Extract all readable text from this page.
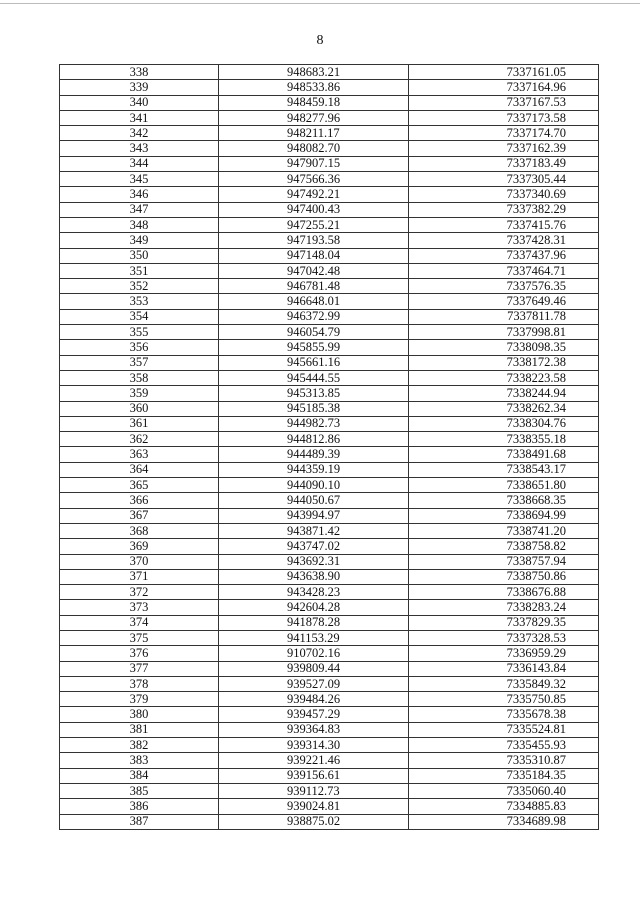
8
338	948683.21	7337161.05
339	948533.86	7337164.96
340	948459.18	7337167.53
341	948277.96	7337173.58
342	948211.17	7337174.70
343	948082.70	7337162.39
344	947907.15	7337183.49
345	947566.36	7337305.44
346	947492.21	7337340.69
347	947400.43	7337382.29
348	947255.21	7337415.76
349	947193.58	7337428.31
350	947148.04	7337437.96
351	947042.48	7337464.71
352	946781.48	7337576.35
353	946648.01	7337649.46
354	946372.99	7337811.78
355	946054.79	7337998.81
356	945855.99	7338098.35
357	945661.16	7338172.38
358	945444.55	7338223.58
359	945313.85	7338244.94
360	945185.38	7338262.34
361	944982.73	7338304.76
362	944812.86	7338355.18
363	944489.39	7338491.68
364	944359.19	7338543.17
365	944090.10	7338651.80
366	944050.67	7338668.35
367	943994.97	7338694.99
368	943871.42	7338741.20
369	943747.02	7338758.82
370	943692.31	7338757.94
371	943638.90	7338750.86
372	943428.23	7338676.88
373	942604.28	7338283.24
374	941878.28	7337829.35
375	941153.29	7337328.53
376	910702.16	7336959.29
377	939809.44	7336143.84
378	939527.09	7335849.32
379	939484.26	7335750.85
380	939457.29	7335678.38
381	939364.83	7335524.81
382	939314.30	7335455.93
383	939221.46	7335310.87
384	939156.61	7335184.35
385	939112.73	7335060.40
386	939024.81	7334885.83
387	938875.02	7334689.98
